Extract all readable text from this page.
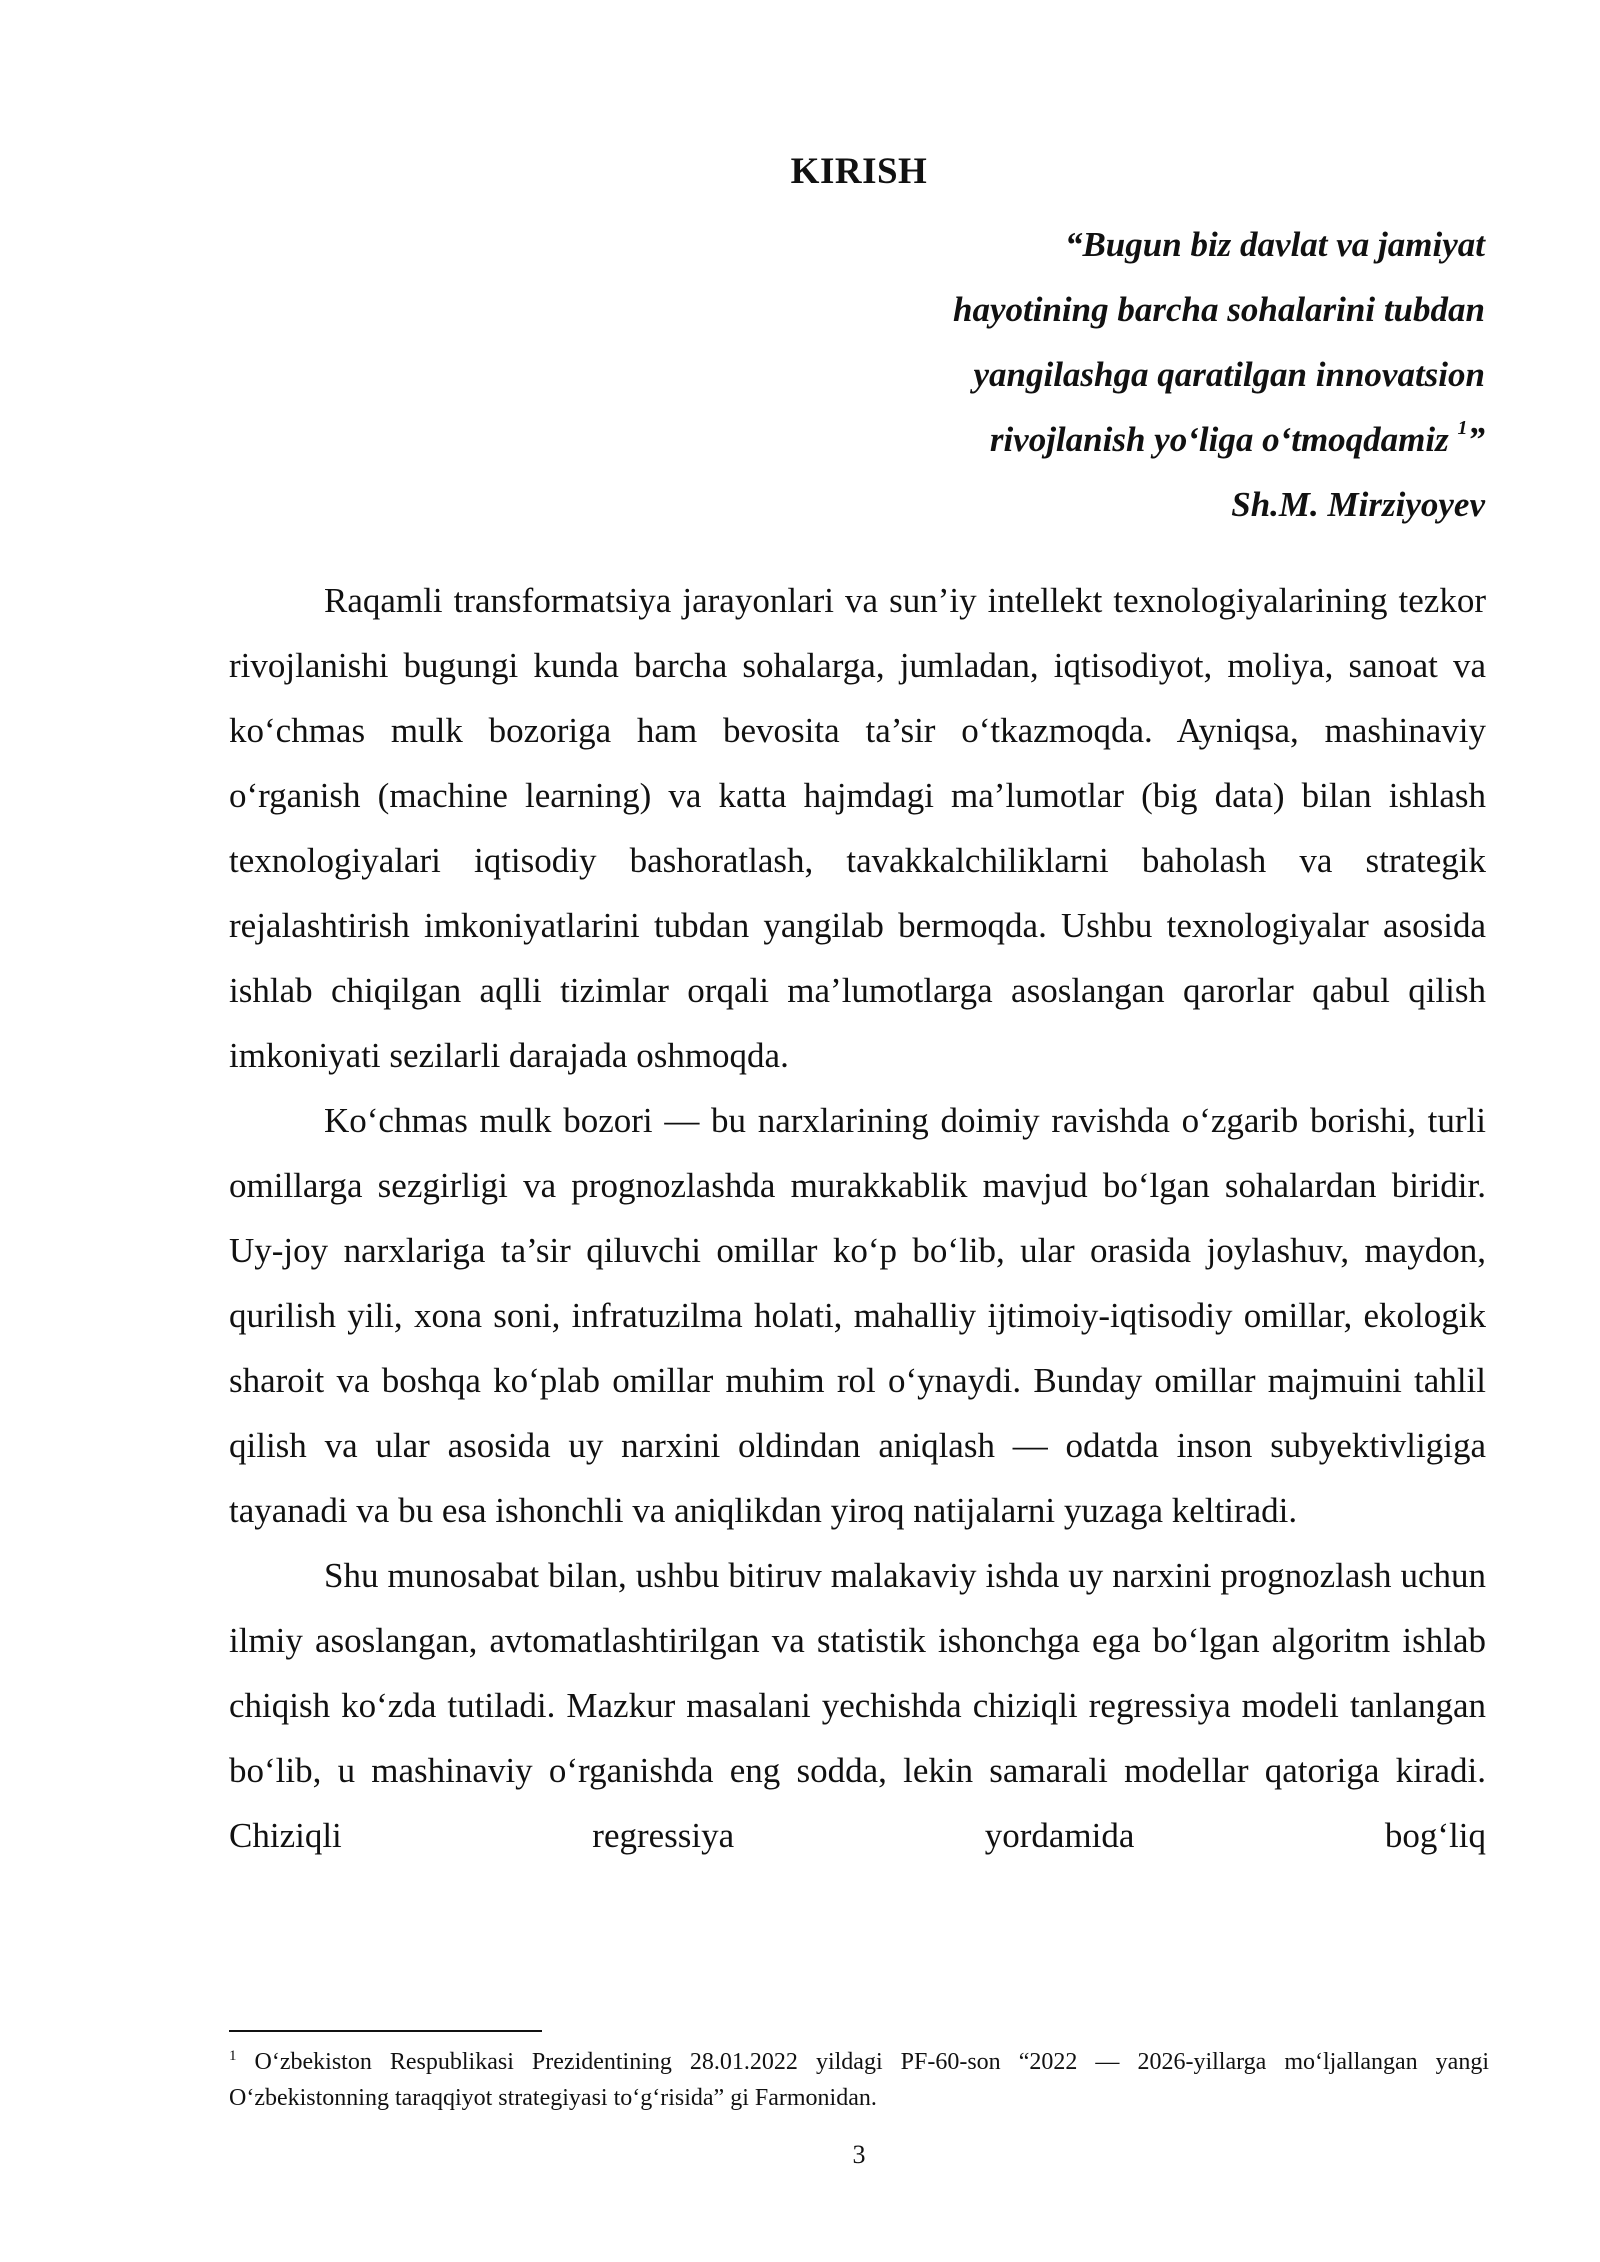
KIRISH
“Bugun biz davlat va jamiyat
hayotining barcha sohalarini tubdan
yangilashga qaratilgan innovatsion
rivojlanish yo‘liga o‘tmoqdamiz $^1$”
Sh.M. Mirziyoyev

Raqamli transformatsiya jarayonlari va sun’iy intellekt texnologiyalarining tezkor rivojlanishi bugungi kunda barcha sohalarga, jumladan, iqtisodiyot, moliya, sanoat va ko‘chmas mulk bozoriga ham bevosita ta’sir o‘tkazmoqda. Ayniqsa, mashinaviy o‘rganish (machine learning) va katta hajmdagi ma’lumotlar (big data) bilan ishlash texnologiyalari iqtisodiy bashoratlash, tavakkalchiliklarni baholash va strategik rejalashtirish imkoniyatlarini tubdan yangilab bermoqda. Ushbu texnologiyalar asosida ishlab chiqilgan aqlli tizimlar orqali ma’lumotlarga asoslangan qarorlar qabul qilish imkoniyati sezilarli darajada oshmoqda.

Ko‘chmas mulk bozori — bu narxlarining doimiy ravishda o‘zgarib borishi, turli omillarga sezgirligi va prognozlashda murakkablik mavjud bo‘lgan sohalardan biridir. Uy-joy narxlariga ta’sir qiluvchi omillar ko‘p bo‘lib, ular orasida joylashuv, maydon, qurilish yili, xona soni, infratuzilma holati, mahalliy ijtimoiy-iqtisodiy omillar, ekologik sharoit va boshqa ko‘plab omillar muhim rol o‘ynaydi. Bunday omillar majmuini tahlil qilish va ular asosida uy narxini oldindan aniqlash — odatda inson subyektivligiga tayanadi va bu esa ishonchli va aniqlikdan yiroq natijalarni yuzaga keltiradi.

Shu munosabat bilan, ushbu bitiruv malakaviy ishda uy narxini prognozlash uchun ilmiy asoslangan, avtomatlashtirilgan va statistik ishonchga ega bo‘lgan algoritm ishlab chiqish ko‘zda tutiladi. Mazkur masalani yechishda chiziqli regressiya modeli tanlangan bo‘lib, u mashinaviy o‘rganishda eng sodda, lekin samarali modellar qatoriga kiradi. Chiziqli regressiya yordamida bog‘liq

$^1$ O‘zbekiston Respublikasi Prezidentining 28.01.2022 yildagi PF-60-son “2022 — 2026-yillarga mo‘ljallangan yangi O‘zbekistonning taraqqiyot strategiyasi to‘g‘risida” gi Farmonidan.
3
